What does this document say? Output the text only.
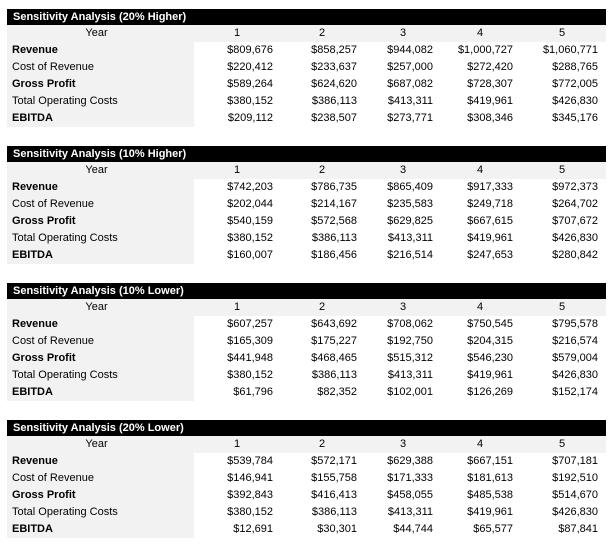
Sensitivity Analysis (20% Higher)
Year	1	2	3	4	5
Revenue	$809,676	$858,257	$944,082	$1,000,727	$1,060,771
Cost of Revenue	$220,412	$233,637	$257,000	$272,420	$288,765
Gross Profit	$589,264	$624,620	$687,082	$728,307	$772,005
Total Operating Costs	$380,152	$386,113	$413,311	$419,961	$426,830
EBITDA	$209,112	$238,507	$273,771	$308,346	$345,176
Sensitivity Analysis (10% Higher)
Year	1	2	3	4	5
Revenue	$742,203	$786,735	$865,409	$917,333	$972,373
Cost of Revenue	$202,044	$214,167	$235,583	$249,718	$264,702
Gross Profit	$540,159	$572,568	$629,825	$667,615	$707,672
Total Operating Costs	$380,152	$386,113	$413,311	$419,961	$426,830
EBITDA	$160,007	$186,456	$216,514	$247,653	$280,842
Sensitivity Analysis (10% Lower)
Year	1	2	3	4	5
Revenue	$607,257	$643,692	$708,062	$750,545	$795,578
Cost of Revenue	$165,309	$175,227	$192,750	$204,315	$216,574
Gross Profit	$441,948	$468,465	$515,312	$546,230	$579,004
Total Operating Costs	$380,152	$386,113	$413,311	$419,961	$426,830
EBITDA	$61,796	$82,352	$102,001	$126,269	$152,174
Sensitivity Analysis (20% Lower)
Year	1	2	3	4	5
Revenue	$539,784	$572,171	$629,388	$667,151	$707,181
Cost of Revenue	$146,941	$155,758	$171,333	$181,613	$192,510
Gross Profit	$392,843	$416,413	$458,055	$485,538	$514,670
Total Operating Costs	$380,152	$386,113	$413,311	$419,961	$426,830
EBITDA	$12,691	$30,301	$44,744	$65,577	$87,841
